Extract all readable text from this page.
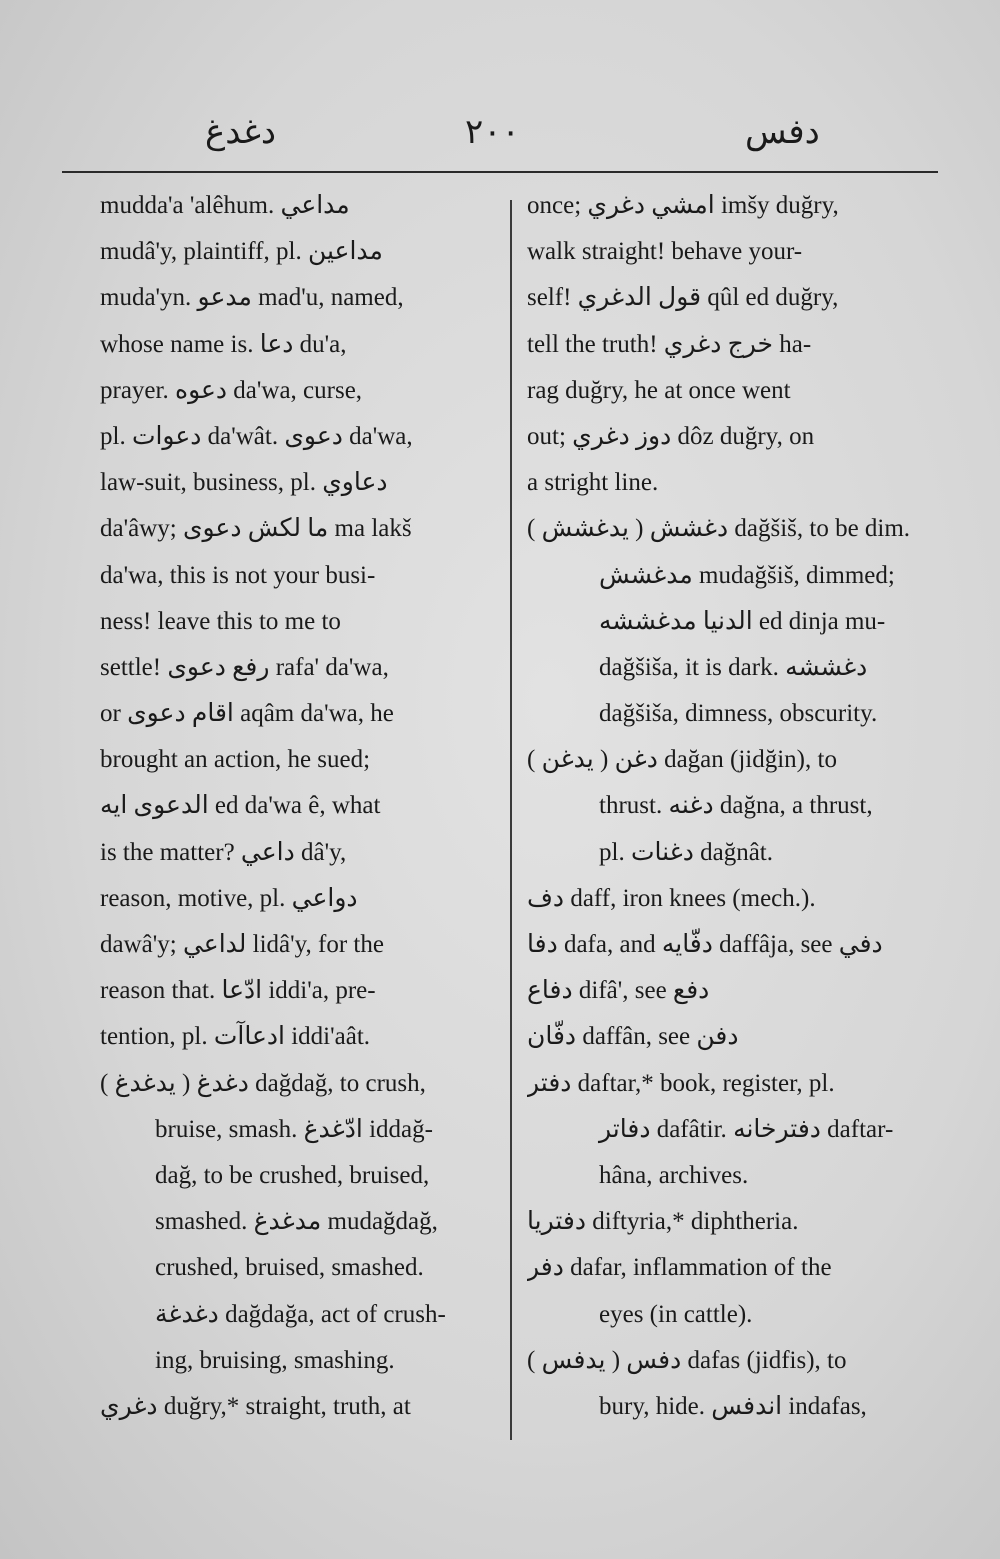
دغدغ	٢٠٠	دفس
mudda'a 'alêhum. مداعي
mudâ'y, plaintiff, pl. مداعين
muda'yn. مدعو mad'u, named,
whose name is. دعا du'a,
prayer. دعوه da'wa, curse,
pl. دعوات da'wât. دعوى da'wa,
law-suit, business, pl. دعاوي
da'âwy; ما لكش دعوى ma lakš
da'wa, this is not your busi-
ness! leave this to me to
settle! رفع دعوى rafa' da'wa,
or اقام دعوى aqâm da'wa, he
brought an action, he sued;
الدعوى ايه ed da'wa ê, what
is the matter? داعي dâ'y,
reason, motive, pl. دواعي
dawâ'y; لداعي lidâ'y, for the
reason that. ادّعا iddi'a, pre-
tention, pl. ادعاآت iddi'aât.
دغدغ ( يدغدغ ) dağdağ, to crush,
bruise, smash. ادّغدغ iddağ-
dağ, to be crushed, bruised,
smashed. مدغدغ mudağdağ,
crushed, bruised, smashed.
دغدغة dağdağa, act of crush-
ing, bruising, smashing.
دغري duğry,* straight, truth, at
once; امشي دغري imšy duğry,
walk straight! behave your-
self! قول الدغري qûl ed duğry,
tell the truth! خرج دغري ha-
rag duğry, he at once went
out; دوز دغري dôz duğry, on
a stright line.
دغشش ( يدغشش ) dağšiš, to be dim.
مدغشش mudağšiš, dimmed;
الدنيا مدغششه ed dinja mu-
dağšiša, it is dark. دغششه
dağšiša, dimness, obscurity.
دغن ( يدغن ) dağan (jidğin), to
thrust. دغنه dağna, a thrust,
pl. دغنات dağnât.
دف daff, iron knees (mech.).
دفا dafa, and دفّايه daffâja, see دفي
دفاع difâ', see دفع
دفّان daffân, see دفن
دفتر daftar,* book, register, pl.
دفاتر dafâtir. دفترخانه daftar-
hâna, archives.
دفتريا diftyria,* diphtheria.
دفر dafar, inflammation of the
eyes (in cattle).
دفس ( يدفس ) dafas (jidfis), to
bury, hide. اندفس indafas,
